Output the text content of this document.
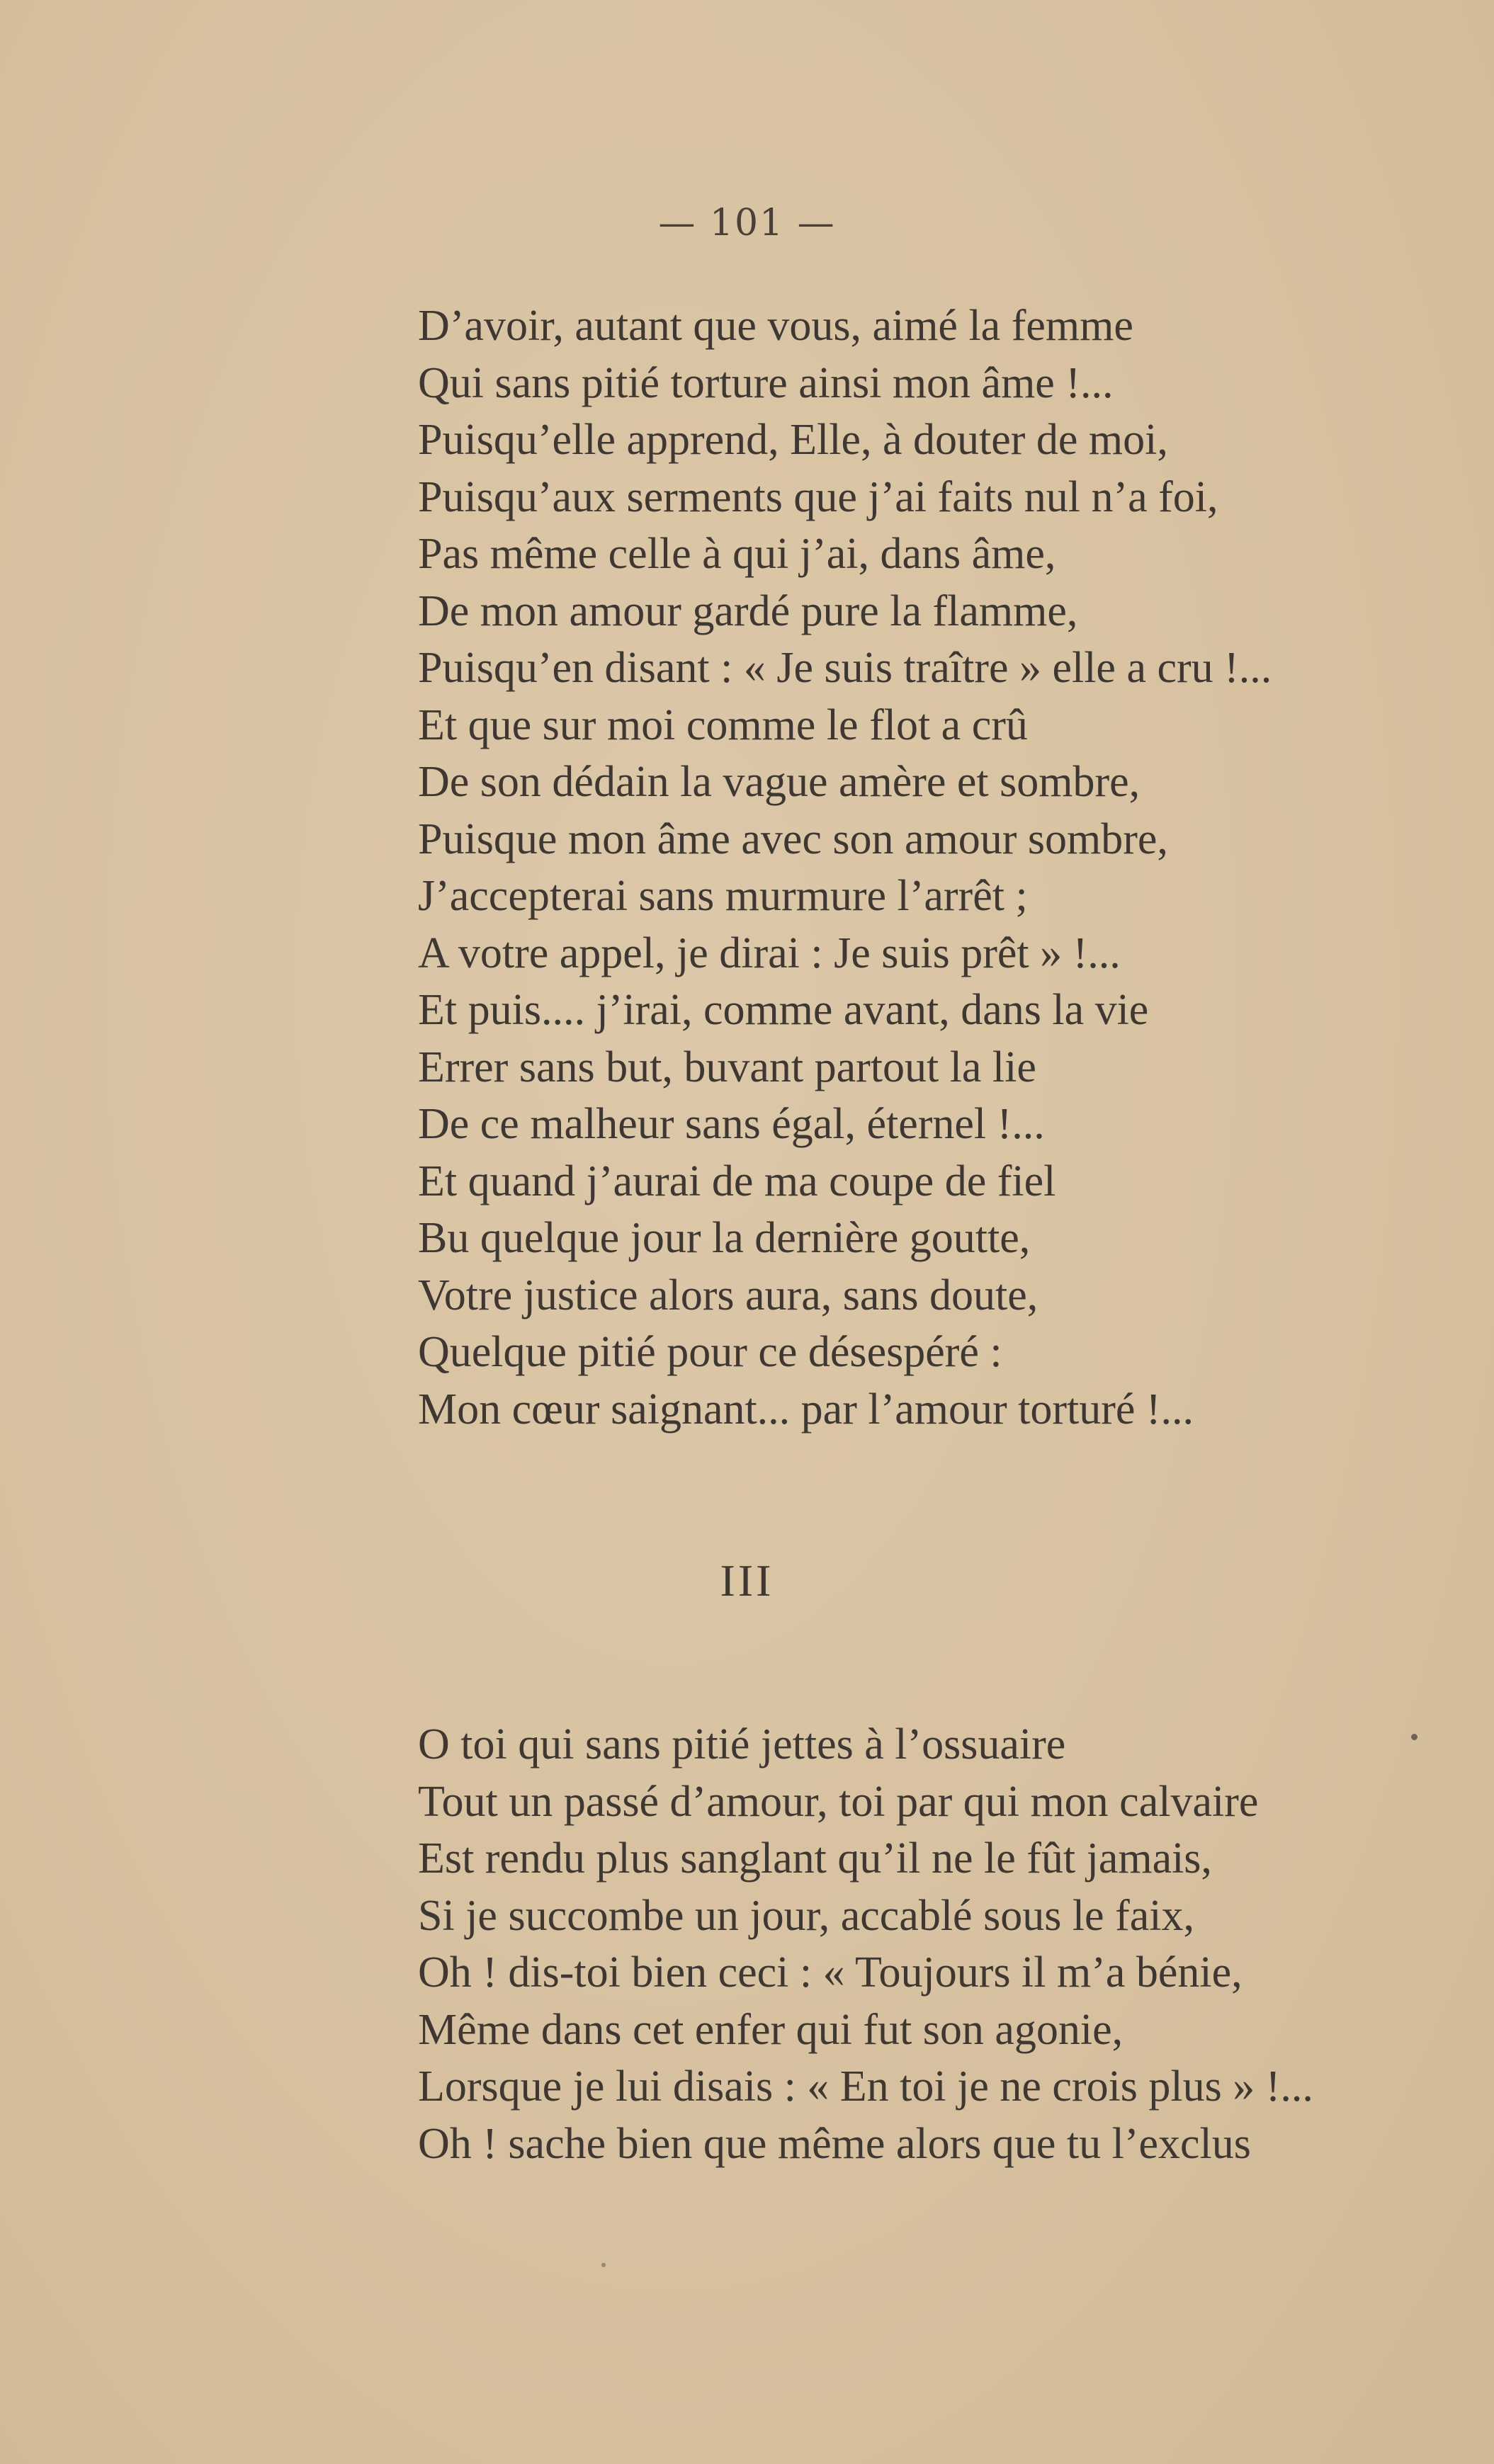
— 101 —
D’avoir, autant que vous, aimé la femme
Qui sans pitié torture ainsi mon âme !...
Puisqu’elle apprend, Elle, à douter de moi,
Puisqu’aux serments que j’ai faits nul n’a foi,
Pas même celle à qui j’ai, dans âme,
De mon amour gardé pure la flamme,
Puisqu’en disant : « Je suis traître » elle a cru !...
Et que sur moi comme le flot a crû
De son dédain la vague amère et sombre,
Puisque mon âme avec son amour sombre,
J’accepterai sans murmure l’arrêt ;
A votre appel, je dirai : Je suis prêt » !...
Et puis.... j’irai, comme avant, dans la vie
Errer sans but, buvant partout la lie
De ce malheur sans égal, éternel !...
Et quand j’aurai de ma coupe de fiel
Bu quelque jour la dernière goutte,
Votre justice alors aura, sans doute,
Quelque pitié pour ce désespéré :
Mon cœur saignant... par l’amour torturé !...
III
O toi qui sans pitié jettes à l’ossuaire
Tout un passé d’amour, toi par qui mon calvaire
Est rendu plus sanglant qu’il ne le fût jamais,
Si je succombe un jour, accablé sous le faix,
Oh ! dis-toi bien ceci : « Toujours il m’a bénie,
Même dans cet enfer qui fut son agonie,
Lorsque je lui disais : « En toi je ne crois plus » !...
Oh ! sache bien que même alors que tu l’exclus
